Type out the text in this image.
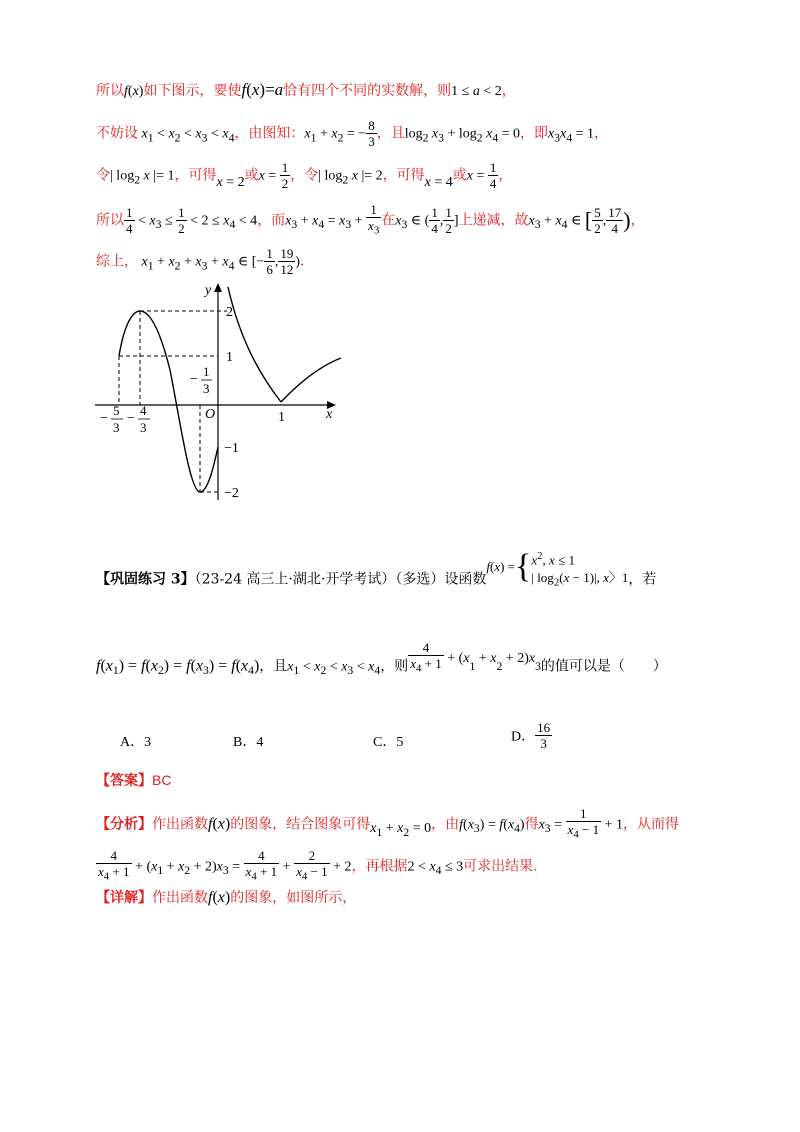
所以f(x)如下图示，要使f(x)=a恰有四个不同的实数解，则1 ≤ a < 2，
不妨设 $x_1 < x_2 < x_3 < x_4$，由图知：$x_1 + x_2$ = − $\frac{8}{3}$ ，且$\log_2 x_3 + \log_2 x_4 = 0$，即$x_3x_4 = 1$，
令| $\log_2 x$ |= 1，可得x = 2或$x = \frac{1}{2}$ ，令| $\log_2 x$ |= 2，可得x = 4或$x = \frac{1}{4}$ ，
所以 $\frac{1}{4} < x_3 \le \frac{1}{2} < 2 \le x_4 < 4$，而$x_3 + x_4 = x_3 + \frac{1}{x_3}$ 在$x_3$ ∈ ( $\frac{1}{4}$ , $\frac{1}{2}$ ]上递减，故$x_3 + x_4$ ∈ [ $\frac{5}{2}$ , $\frac{17}{4}$ )，
综上， $x_1 + x_2 + x_3 + x_4$ ∈ [− $\frac{1}{6}$ , $\frac{19}{12}$ ).
y
x
O
2
1
−1
−2
1
−
5
3
−
4
3
−
1
3
【巩固练习 3】（23-24 高三上·湖北·开学考试）（多选）设函数f(x) ={ $x^2$, x ≤ 1
| $\log_2(x - 1)|$, x〉1 ，若
$f(x_1) = f(x_2) = f(x_3) = f(x_4)$，且$x_1 < x_2 < x_3 < x_4$，则 $\frac{4}{x_4 + 1} + (x_1 + x_2 + 2)x_3$的值可以是（　　）
A．3	B．4	C．5	D． $\frac{16}{3}$
【答案】BC
【分析】作出函数f(x)的图象，结合图象可得$x_1 + x_2 = 0$，由$f(x_3) = f(x_4)$得$x_3 = \frac{1}{x_4 - 1} + 1$，从而得
$\frac{4}{x_4 + 1} + (x_1 + x_2 + 2)x_3 = \frac{4}{x_4 + 1} + \frac{2}{x_4 - 1} + 2$，再根据$2 < x_4 \le 3$可求出结果.
【详解】作出函数f(x)的图象，如图所示，
